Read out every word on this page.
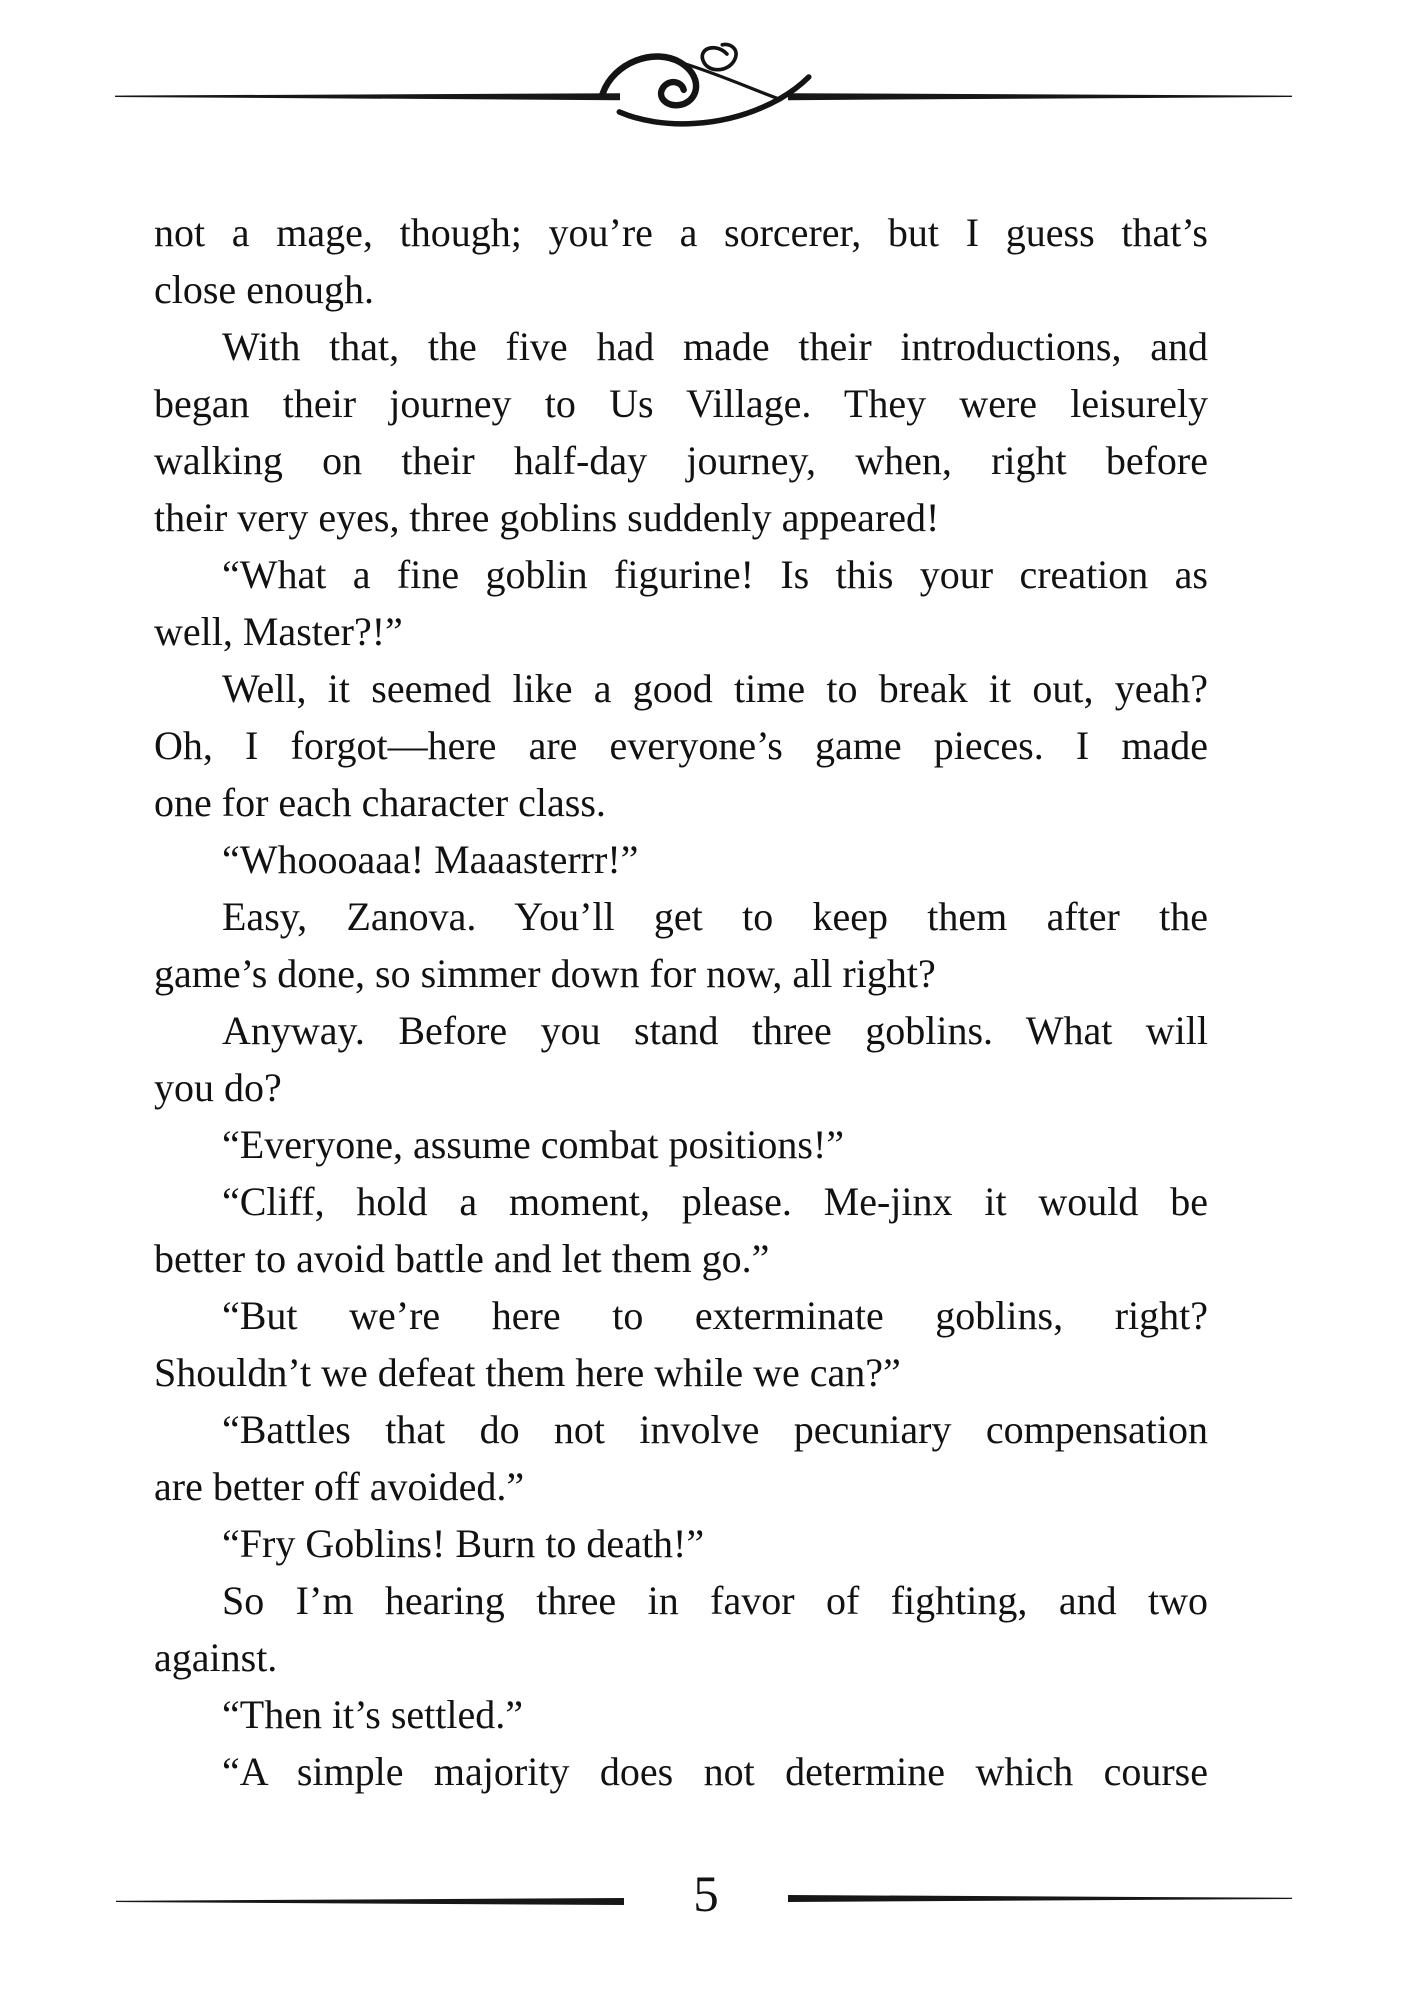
not a mage, though; you’re a sorcerer, but I guess that’s
close enough.
With that, the five had made their introductions, and
began their journey to Us Village. They were leisurely
walking on their half-day journey, when, right before
their very eyes, three goblins suddenly appeared!
“What a fine goblin figurine! Is this your creation as
well, Master?!”
Well, it seemed like a good time to break it out, yeah?
Oh, I forgot—here are everyone’s game pieces. I made
one for each character class.
“Whoooaaa! Maaasterrr!”
Easy, Zanova. You’ll get to keep them after the
game’s done, so simmer down for now, all right?
Anyway. Before you stand three goblins. What will
you do?
“Everyone, assume combat positions!”
“Cliff, hold a moment, please. Me-jinx it would be
better to avoid battle and let them go.”
“But we’re here to exterminate goblins, right?
Shouldn’t we defeat them here while we can?”
“Battles that do not involve pecuniary compensation
are better off avoided.”
“Fry Goblins! Burn to death!”
So I’m hearing three in favor of fighting, and two
against.
“Then it’s settled.”
“A simple majority does not determine which course
5
